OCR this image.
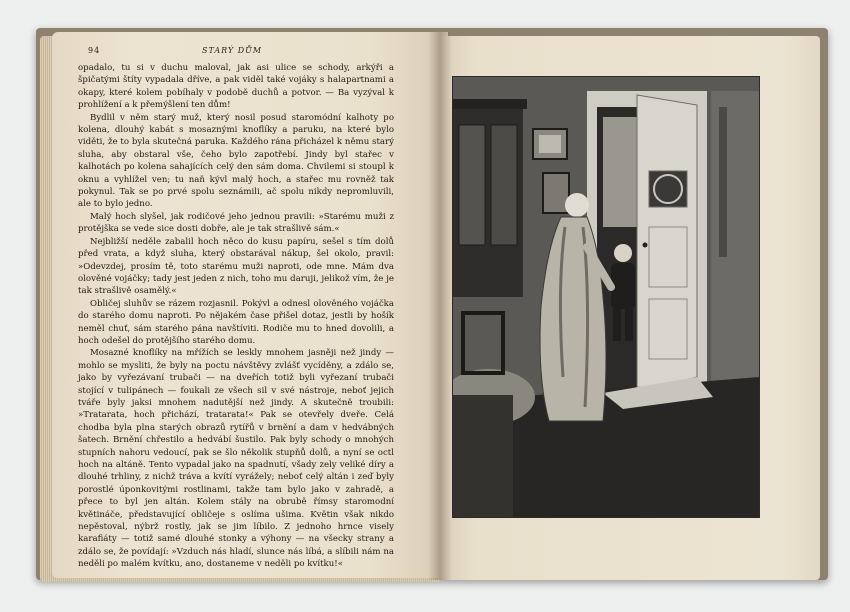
94	STARÝ DŮM

opadalo, tu si v duchu maloval, jak asi ulice se schody, arkýři a špičatými štíty vypadala dříve, a pak viděl také vojáky s halapartnami a okapy, které kolem pobíhaly v podobě duchů a potvor. — Ba vyzýval k prohlížení a k přemýšlení ten dům!

Bydlil v něm starý muž, který nosil posud staromódní kalhoty po kolena, dlouhý kabát s mosaznými knoflíky a paruku, na které bylo viděti, že to byla skutečná paruka. Každého rána přicházel k němu starý sluha, aby obstaral vše, čeho bylo zapotřebí. Jindy byl stařec v kalhotách po kolena sahajících celý den sám doma. Chvilemi si stoupl k oknu a vyhlížel ven; tu naň kývl malý hoch, a stařec mu rovněž tak pokynul. Tak se po prvé spolu seznámili, ač spolu nikdy nepromluvili, ale to bylo jedno.

Malý hoch slyšel, jak rodičové jeho jednou pravili: »Starému muži z protějška se vede sice dosti dobře, ale je tak strašlivě sám.«

Nejbližší neděle zabalil hoch něco do kusu papíru, sešel s tím dolů před vrata, a když sluha, který obstarával nákup, šel okolo, pravil: »Odevzdej, prosím tě, toto starému muži naproti, ode mne. Mám dva olověné vojáčky; tady jest jeden z nich, toho mu daruji, jelikož vím, že je tak strašlivě osamělý.«

Obličej sluhův se rázem rozjasnil. Pokývl a odnesl olověného vojáčka do starého domu naproti. Po nějakém čase přišel dotaz, jestli by hošík neměl chuť, sám starého pána navštíviti. Rodiče mu to hned dovolili, a hoch odešel do protějšího starého domu.

Mosazné knoflíky na mřížích se leskly mnohem jasněji než jindy — mohlo se mysliti, že byly na poctu návštěvy zvlášť vycíděny, a zdálo se, jako by vyřezávaní trubači — na dveřích totiž byli vyřezaní trubači stojící v tulipánech — foukali ze všech sil v své nástroje, neboť jejich tváře byly jaksi mnohem nadutější než jindy. A skutečně troubili: »Tratarata, hoch přichází, tratarata!« Pak se otevřely dveře. Celá chodba byla plna starých obrazů rytířů v brnění a dam v hedvábných šatech. Brnění chřestilo a hedvábí šustilo. Pak byly schody o mnohých stupních nahoru vedoucí, pak se šlo několik stupňů dolů, a nyní se octl hoch na altáně. Tento vypadal jako na spadnutí, všady zely veliké díry a dlouhé trhliny, z nichž tráva a kvítí vyrážely; neboť celý altán i zeď byly porostlé úponkovitými rostlinami, takže tam bylo jako v zahradě, a přece to byl jen altán. Kolem stály na obrubě římsy staromodní květináče, představující obličeje s oslíma ušima. Květin však nikdo nepěstoval, nýbrž rostly, jak se jim líbilo. Z jednoho hrnce visely karafiáty — totiž samé dlouhé stonky a výhony — na všecky strany a zdálo se, že povídají: »Vzduch nás hladí, slunce nás líbá, a slíbili nám na neděli po malém kvítku, ano, dostaneme v neděli po kvítku!«
